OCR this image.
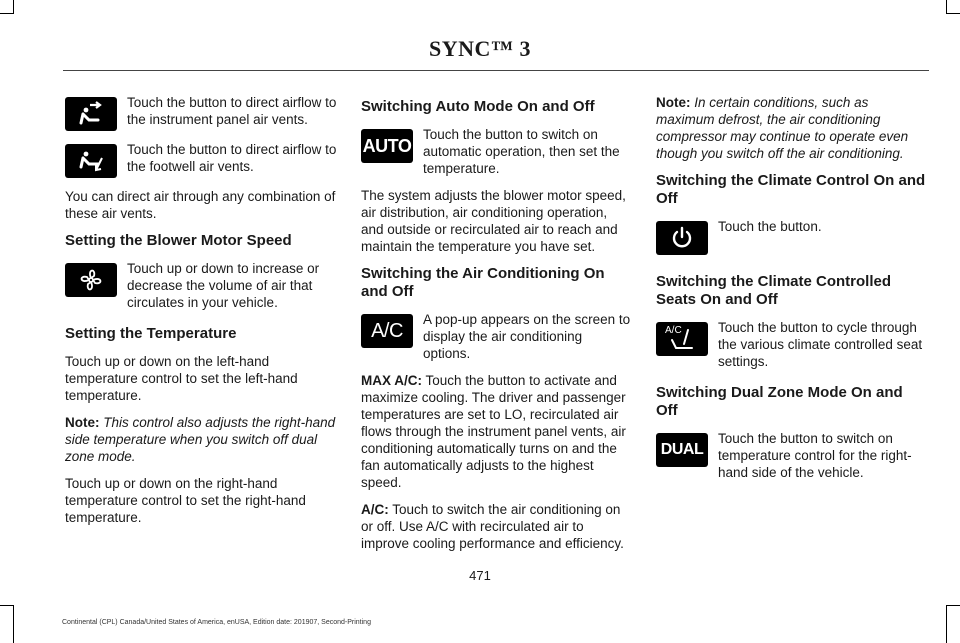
SYNC™ 3
Touch the button to direct airflow to the instrument panel air vents.
Touch the button to direct airflow to the footwell air vents.

You can direct air through any combination of these air vents.

Setting the Blower Motor Speed
Touch up or down to increase or decrease the volume of air that circulates in your vehicle.
Setting the Temperature

Touch up or down on the left-hand temperature control to set the left-hand temperature.

Note: This control also adjusts the right-hand side temperature when you switch off dual zone mode.

Touch up or down on the right-hand temperature control to set the right-hand temperature.

Switching Auto Mode On and Off
AUTO
Touch the button to switch on automatic operation, then set the temperature.

The system adjusts the blower motor speed, air distribution, air conditioning operation, and outside or recirculated air to reach and maintain the temperature you have set.

Switching the Air Conditioning On and Off
A/C A pop-up appears on the screen to display the air conditioning options.

MAX A/C: Touch the button to activate and maximize cooling. The driver and passenger temperatures are set to LO, recirculated air flows through the instrument panel vents, air conditioning automatically turns on and the fan automatically adjusts to the highest speed.

A/C: Touch to switch the air conditioning on or off. Use A/C with recirculated air to improve cooling performance and efficiency.

Note: In certain conditions, such as maximum defrost, the air conditioning compressor may continue to operate even though you switch off the air conditioning.

Switching the Climate Control On and Off
Touch the button.
Switching the Climate Controlled Seats On and Off
A/C	Touch the button to cycle through the various climate controlled seat settings.
Switching Dual Zone Mode On and Off
DUAL
Touch the button to switch on temperature control for the right-hand side of the vehicle.
471
Continental (CPL) Canada/United States of America, enUSA, Edition date: 201907, Second-Printing
